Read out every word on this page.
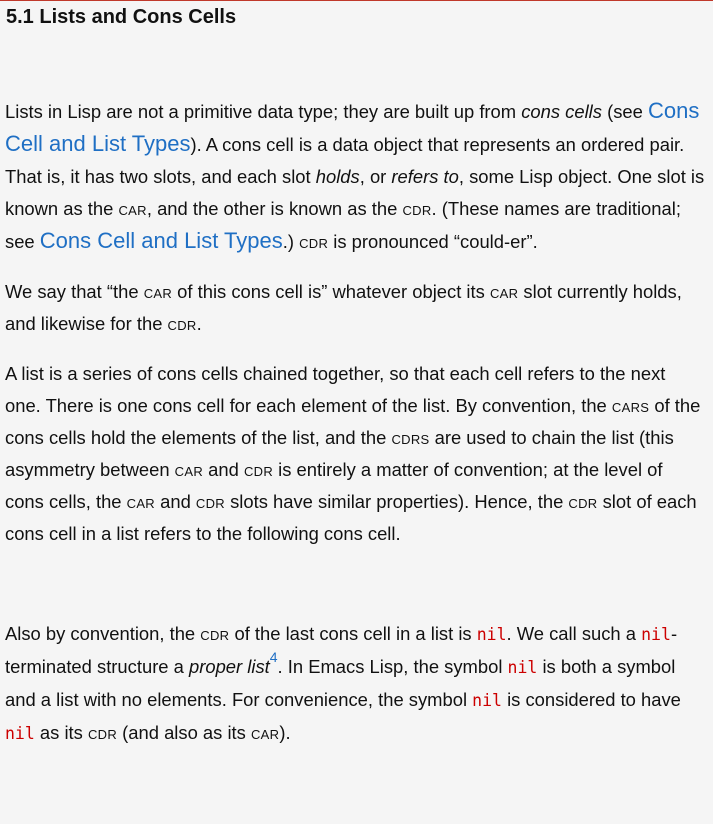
5.1 Lists and Cons Cells

Lists in Lisp are not a primitive data type; they are built up from cons cells (see Cons Cell and List Types). A cons cell is a data object that represents an ordered pair. That is, it has two slots, and each slot holds, or refers to, some Lisp object. One slot is known as the car, and the other is known as the cdr. (These names are traditional; see Cons Cell and List Types.) cdr is pronounced “could-er”.

We say that “the car of this cons cell is” whatever object its car slot currently holds, and likewise for the cdr.

A list is a series of cons cells chained together, so that each cell refers to the next one. There is one cons cell for each element of the list. By convention, the cars of the cons cells hold the elements of the list, and the cdrs are used to chain the list (this asymmetry between car and cdr is entirely a matter of convention; at the level of cons cells, the car and cdr slots have similar properties). Hence, the cdr slot of each cons cell in a list refers to the following cons cell.

Also by convention, the cdr of the last cons cell in a list is nil. We call such a nil-terminated structure a proper list$^4$. In Emacs Lisp, the symbol nil is both a symbol and a list with no elements. For convenience, the symbol nil is considered to have nil as its cdr (and also as its car).
